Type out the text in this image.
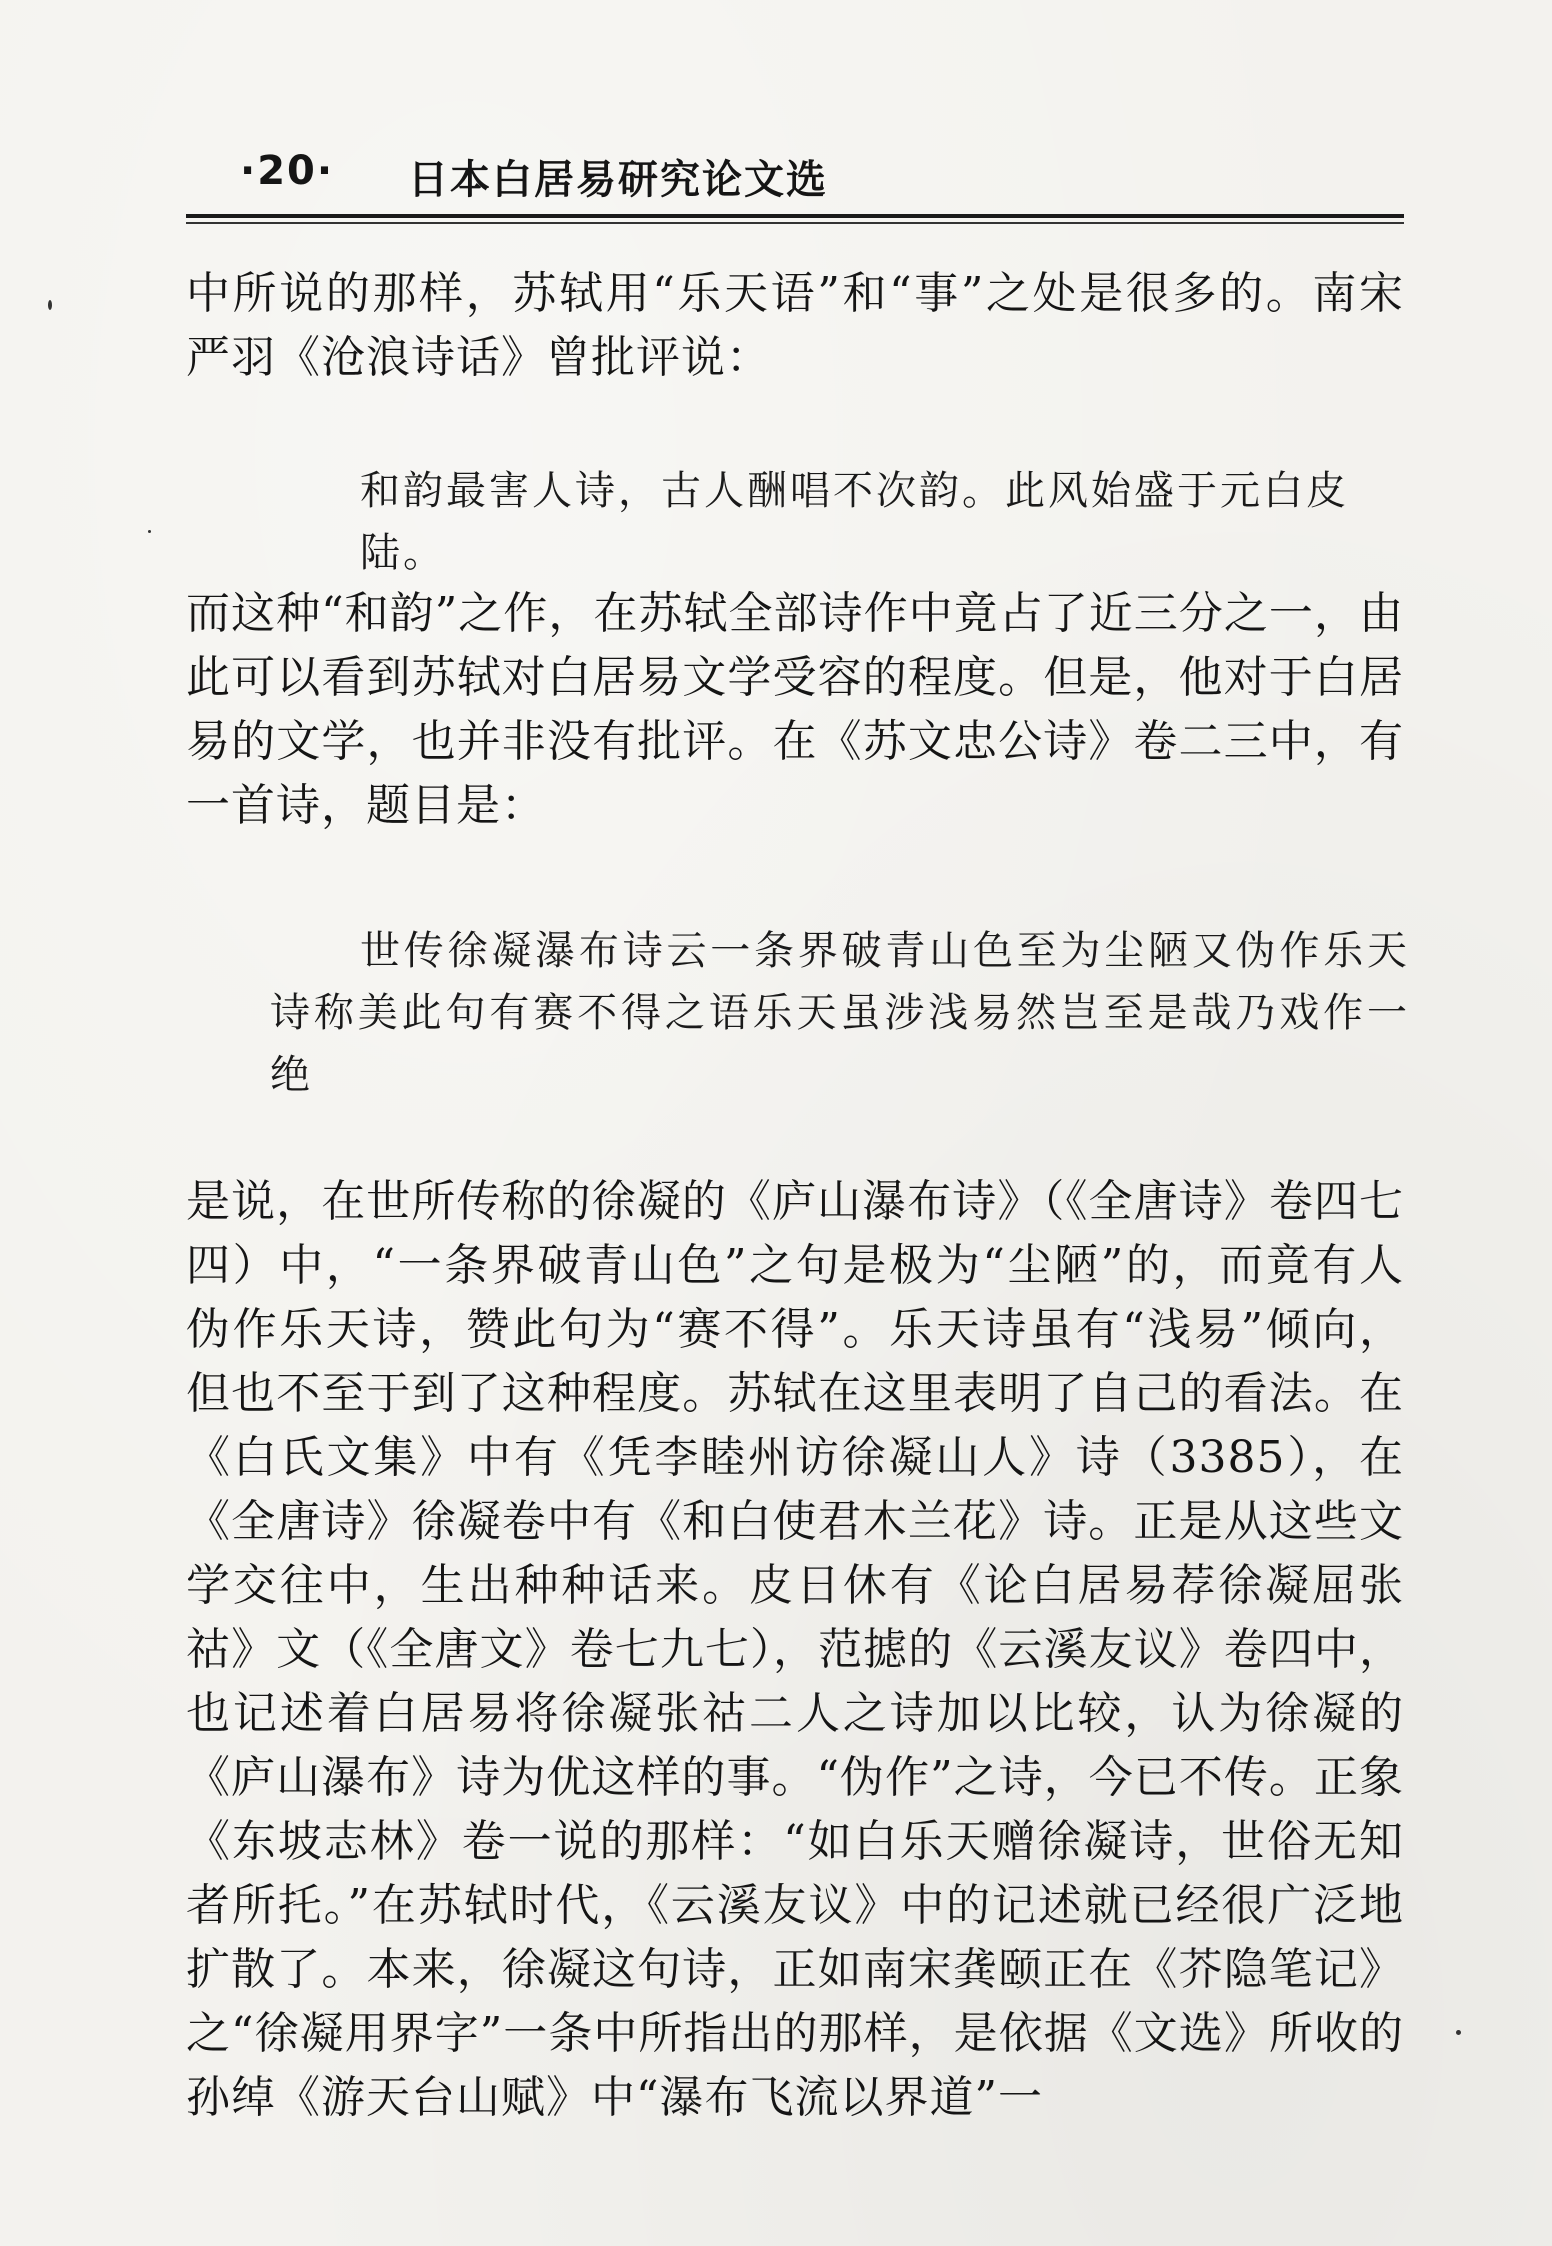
·20· 日本白居易研究论文选
中所说的那样，苏轼用“乐天语”和“事”之处是很多的。南宋严羽《沧浪诗话》曾批评说：
和韵最害人诗，古人酬唱不次韵。此风始盛于元白皮陆。
而这种“和韵”之作，在苏轼全部诗作中竟占了近三分之一，由此可以看到苏轼对白居易文学受容的程度。但是，他对于白居易的文学，也并非没有批评。在《苏文忠公诗》卷二三中，有一首诗，题目是：
世传徐凝瀑布诗云一条界破青山色至为尘陋又伪作乐天诗称美此句有赛不得之语乐天虽涉浅易然岂至是哉乃戏作一绝
是说，在世所传称的徐凝的《庐山瀑布诗》（《全唐诗》卷四七四）中，“一条界破青山色”之句是极为“尘陋”的，而竟有人伪作乐天诗，赞此句为“赛不得”。乐天诗虽有“浅易”倾向，但也不至于到了这种程度。苏轼在这里表明了自己的看法。在《白氏文集》中有《凭李睦州访徐凝山人》诗（3385），在《全唐诗》徐凝卷中有《和白使君木兰花》诗。正是从这些文学交往中，生出种种话来。皮日休有《论白居易荐徐凝屈张祜》文（《全唐文》卷七九七），范摅的《云溪友议》卷四中，也记述着白居易将徐凝张祜二人之诗加以比较，认为徐凝的《庐山瀑布》诗为优这样的事。“伪作”之诗，今已不传。正象《东坡志林》卷一说的那样：“如白乐天赠徐凝诗，世俗无知者所托。”在苏轼时代，《云溪友议》中的记述就已经很广泛地扩散了。本来，徐凝这句诗，正如南宋龚颐正在《芥隐笔记》之“徐凝用界字”一条中所指出的那样，是依据《文选》所收的孙绰《游天台山赋》中“瀑布飞流以界道”一
